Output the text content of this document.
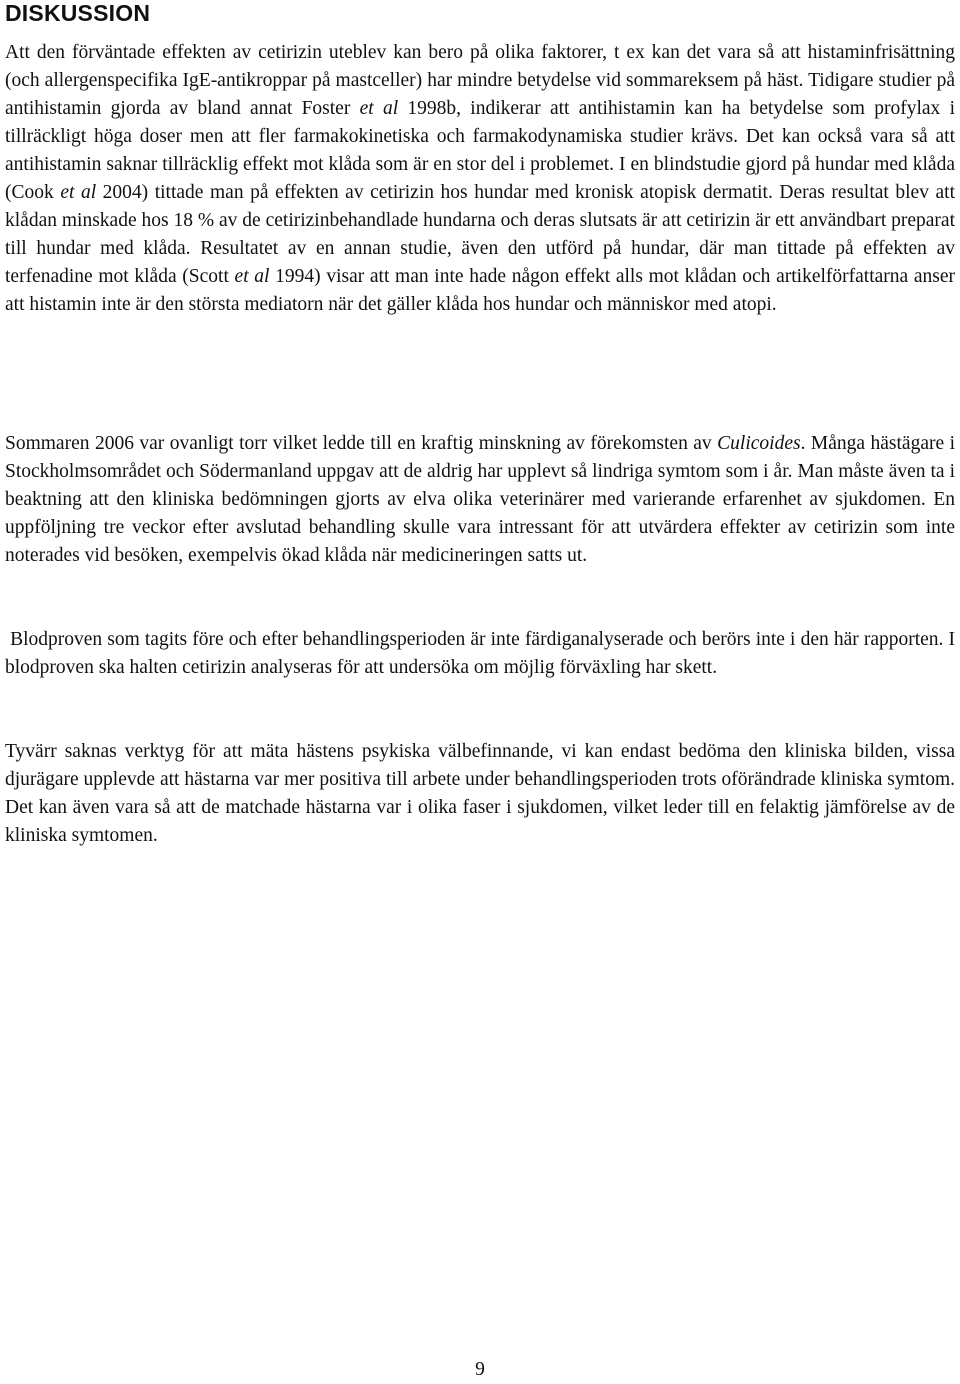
DISKUSSION

Att den förväntade effekten av cetirizin uteblev kan bero på olika faktorer, t ex kan det vara så att histaminfrisättning (och allergenspecifika IgE-antikroppar på mastceller) har mindre betydelse vid sommareksem på häst. Tidigare studier på antihistamin gjorda av bland annat Foster et al 1998b, indikerar att antihistamin kan ha betydelse som profylax i tillräckligt höga doser men att fler farmakokinetiska och farmakodynamiska studier krävs. Det kan också vara så att antihistamin saknar tillräcklig effekt mot klåda som är en stor del i problemet. I en blindstudie gjord på hundar med klåda (Cook et al 2004) tittade man på effekten av cetirizin hos hundar med kronisk atopisk dermatit. Deras resultat blev att klådan minskade hos 18 % av de cetirizinbehandlade hundarna och deras slutsats är att cetirizin är ett användbart preparat till hundar med klåda. Resultatet av en annan studie, även den utförd på hundar, där man tittade på effekten av terfenadine mot klåda (Scott et al 1994) visar att man inte hade någon effekt alls mot klådan och artikelförfattarna anser att histamin inte är den största mediatorn när det gäller klåda hos hundar och människor med atopi.

Sommaren 2006 var ovanligt torr vilket ledde till en kraftig minskning av förekomsten av Culicoides. Många hästägare i Stockholmsområdet och Södermanland uppgav att de aldrig har upplevt så lindriga symtom som i år. Man måste även ta i beaktning att den kliniska bedömningen gjorts av elva olika veterinärer med varierande erfarenhet av sjukdomen. En uppföljning tre veckor efter avslutad behandling skulle vara intressant för att utvärdera effekter av cetirizin som inte noterades vid besöken, exempelvis ökad klåda när medicineringen satts ut.

Blodproven som tagits före och efter behandlingsperioden är inte färdiganalyserade och berörs inte i den här rapporten. I blodproven ska halten cetirizin analyseras för att undersöka om möjlig förväxling har skett.

Tyvärr saknas verktyg för att mäta hästens psykiska välbefinnande, vi kan endast bedöma den kliniska bilden, vissa djurägare upplevde att hästarna var mer positiva till arbete under behandlingsperioden trots oförändrade kliniska symtom. Det kan även vara så att de matchade hästarna var i olika faser i sjukdomen, vilket leder till en felaktig jämförelse av de kliniska symtomen.

9
